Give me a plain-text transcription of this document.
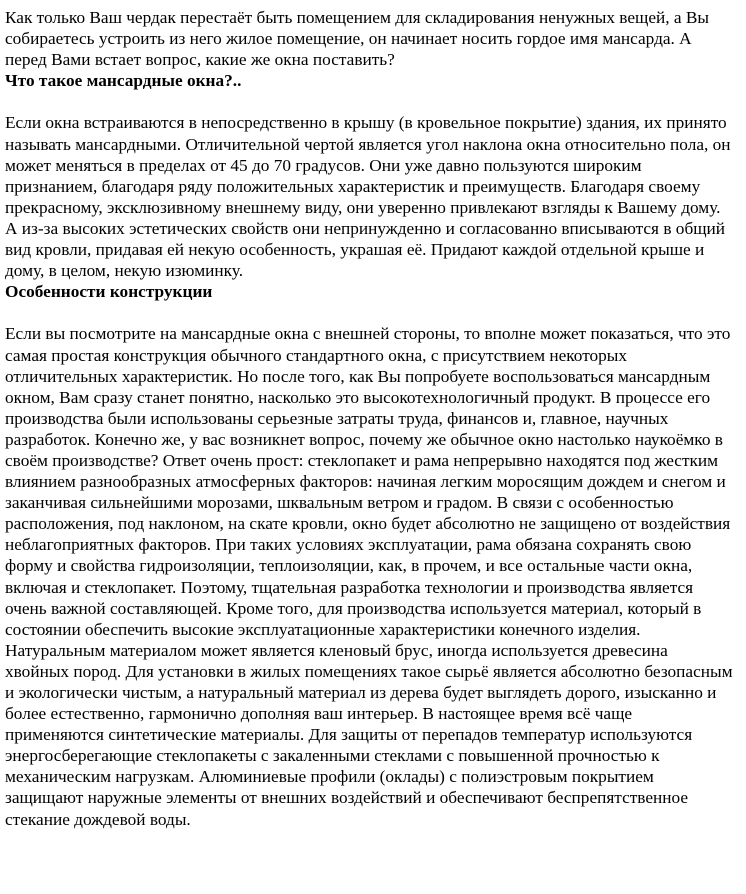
Как только Ваш чердак перестаёт быть помещением для складирования ненужных вещей, а Вы собираетесь устроить из него жилое помещение, он начинает носить гордое имя мансарда. А перед Вами встает вопрос, какие же окна поставить?

Что такое мансардные окна?..

Если окна встраиваются в непосредственно в крышу (в кровельное покрытие) здания, их принято называть мансардными. Отличительной чертой является угол наклона окна относительно пола, он может меняться в пределах от 45 до 70 градусов. Они уже давно пользуются широким признанием, благодаря ряду положительных характеристик и преимуществ. Благодаря своему прекрасному, эксклюзивному внешнему виду, они уверенно привлекают взгляды к Вашему дому. А из-за высоких эстетических свойств они непринужденно и согласованно вписываются в общий вид кровли, придавая ей некую особенность, украшая её. Придают каждой отдельной крыше и дому, в целом, некую изюминку.

Особенности конструкции

Если вы посмотрите на мансардные окна с внешней стороны, то вполне может показаться, что это самая простая конструкция обычного стандартного окна, с присутствием некоторых отличительных характеристик. Но после того, как Вы попробуете воспользоваться мансардным окном, Вам сразу станет понятно, насколько это высокотехнологичный продукт. В процессе его производства были использованы серьезные затраты труда, финансов и, главное, научных разработок. Конечно же, у вас возникнет вопрос, почему же обычное окно настолько наукоёмко в своём производстве? Ответ очень прост: стеклопакет и рама непрерывно находятся под жестким влиянием разнообразных атмосферных факторов: начиная легким моросящим дождем и снегом и заканчивая сильнейшими морозами, шквальным ветром и градом. В связи с особенностью расположения, под наклоном, на скате кровли, окно будет абсолютно не защищено от воздействия неблагоприятных факторов. При таких условиях эксплуатации, рама обязана сохранять свою форму и свойства гидроизоляции, теплоизоляции, как, в прочем, и все остальные части окна, включая и стеклопакет. Поэтому, тщательная разработка технологии и производства является очень важной составляющей. Кроме того, для производства используется материал, который в состоянии обеспечить высокие эксплуатационные характеристики конечного изделия. Натуральным материалом может является кленовый брус, иногда используется древесина хвойных пород. Для установки в жилых помещениях такое сырьё является абсолютно безопасным и экологически чистым, а натуральный материал из дерева будет выглядеть дорого, изысканно и более естественно, гармонично дополняя ваш интерьер. В настоящее время всё чаще применяются синтетические материалы. Для защиты от перепадов температур используются энергосберегающие стеклопакеты с закаленными стеклами с повышенной прочностью к механическим нагрузкам. Алюминиевые профили (оклады) с полиэстровым покрытием защищают наружные элементы от внешних воздействий и обеспечивают беспрепятственное стекание дождевой воды.
